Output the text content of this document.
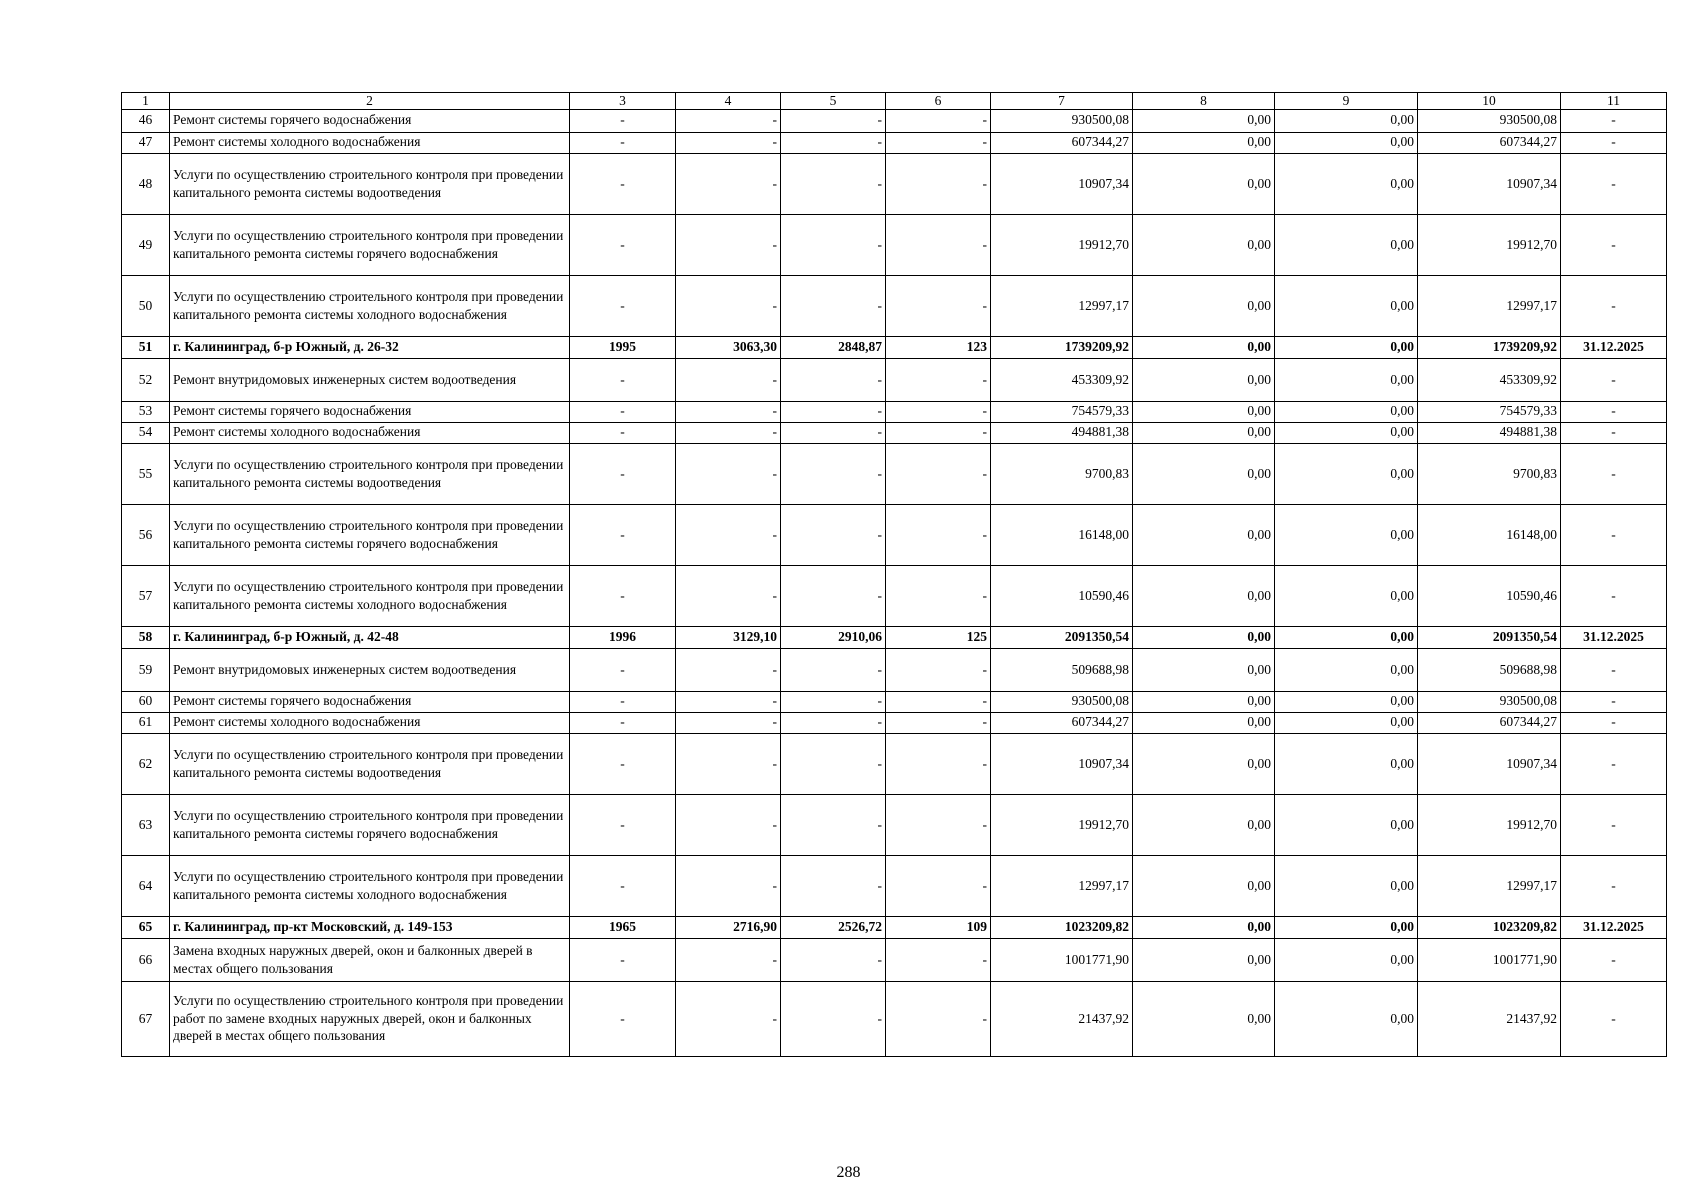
1	2	3	4	5	6	7	8	9	10	11
46	Ремонт системы горячего водоснабжения	-	-	-	-	930500,08	0,00	0,00	930500,08	-
47	Ремонт системы холодного водоснабжения	-	-	-	-	607344,27	0,00	0,00	607344,27	-
48	Услуги по осуществлению строительного контроля при проведении капитального ремонта системы водоотведения	-	-	-	-	10907,34	0,00	0,00	10907,34	-
49	Услуги по осуществлению строительного контроля при проведении капитального ремонта системы горячего водоснабжения	-	-	-	-	19912,70	0,00	0,00	19912,70	-
50	Услуги по осуществлению строительного контроля при проведении капитального ремонта системы холодного водоснабжения	-	-	-	-	12997,17	0,00	0,00	12997,17	-
51	г. Калининград, б-р Южный, д. 26-32	1995	3063,30	2848,87	123	1739209,92	0,00	0,00	1739209,92	31.12.2025
52	Ремонт внутридомовых инженерных систем водоотведения	-	-	-	-	453309,92	0,00	0,00	453309,92	-
53	Ремонт системы горячего водоснабжения	-	-	-	-	754579,33	0,00	0,00	754579,33	-
54	Ремонт системы холодного водоснабжения	-	-	-	-	494881,38	0,00	0,00	494881,38	-
55	Услуги по осуществлению строительного контроля при проведении капитального ремонта системы водоотведения	-	-	-	-	9700,83	0,00	0,00	9700,83	-
56	Услуги по осуществлению строительного контроля при проведении капитального ремонта системы горячего водоснабжения	-	-	-	-	16148,00	0,00	0,00	16148,00	-
57	Услуги по осуществлению строительного контроля при проведении капитального ремонта системы холодного водоснабжения	-	-	-	-	10590,46	0,00	0,00	10590,46	-
58	г. Калининград, б-р Южный, д. 42-48	1996	3129,10	2910,06	125	2091350,54	0,00	0,00	2091350,54	31.12.2025
59	Ремонт внутридомовых инженерных систем водоотведения	-	-	-	-	509688,98	0,00	0,00	509688,98	-
60	Ремонт системы горячего водоснабжения	-	-	-	-	930500,08	0,00	0,00	930500,08	-
61	Ремонт системы холодного водоснабжения	-	-	-	-	607344,27	0,00	0,00	607344,27	-
62	Услуги по осуществлению строительного контроля при проведении капитального ремонта системы водоотведения	-	-	-	-	10907,34	0,00	0,00	10907,34	-
63	Услуги по осуществлению строительного контроля при проведении капитального ремонта системы горячего водоснабжения	-	-	-	-	19912,70	0,00	0,00	19912,70	-
64	Услуги по осуществлению строительного контроля при проведении капитального ремонта системы холодного водоснабжения	-	-	-	-	12997,17	0,00	0,00	12997,17	-
65	г. Калининград, пр-кт Московский, д. 149-153	1965	2716,90	2526,72	109	1023209,82	0,00	0,00	1023209,82	31.12.2025
66	Замена входных наружных дверей, окон и балконных дверей в местах общего пользования	-	-	-	-	1001771,90	0,00	0,00	1001771,90	-
67	Услуги по осуществлению строительного контроля при проведении работ по замене входных наружных дверей, окон и балконных дверей в местах общего пользования	-	-	-	-	21437,92	0,00	0,00	21437,92	-
288
